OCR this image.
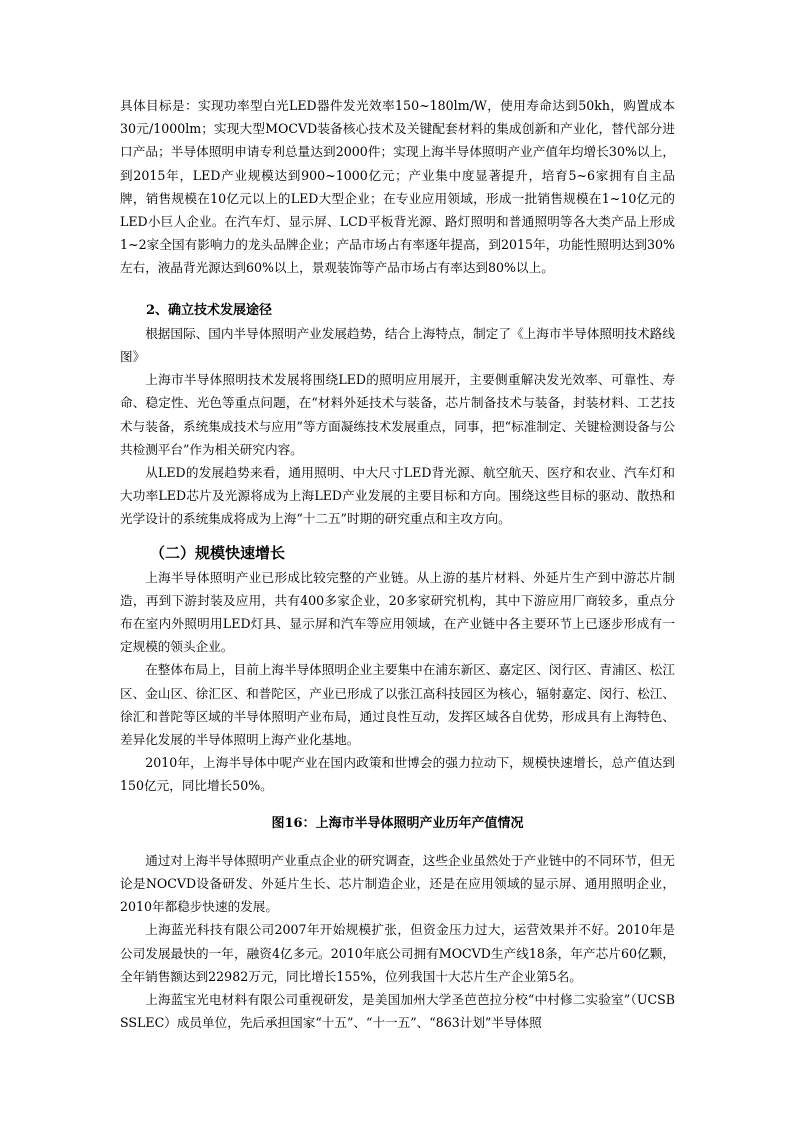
具体目标是：实现功率型白光LED器件发光效率150~180lm/W，使用寿命达到50kh，购置成本30元/1000lm；实现大型MOCVD装备核心技术及关键配套材料的集成创新和产业化，替代部分进口产品；半导体照明申请专利总量达到2000件；实现上海半导体照明产业产值年均增长30%以上，到2015年，LED产业规模达到900~1000亿元；产业集中度显著提升，培育5~6家拥有自主品牌，销售规模在10亿元以上的LED大型企业；在专业应用领域，形成一批销售规模在1~10亿元的LED小巨人企业。在汽车灯、显示屏、LCD平板背光源、路灯照明和普通照明等各大类产品上形成1~2家全国有影响力的龙头品牌企业；产品市场占有率逐年提高，到2015年，功能性照明达到30%左右，液晶背光源达到60%以上，景观装饰等产品市场占有率达到80%以上。

2、确立技术发展途径

根据国际、国内半导体照明产业发展趋势，结合上海特点，制定了《上海市半导体照明技术路线图》

上海市半导体照明技术发展将围绕LED的照明应用展开，主要侧重解决发光效率、可靠性、寿命、稳定性、光色等重点问题，在“材料外延技术与装备，芯片制备技术与装备，封装材料、工艺技术与装备，系统集成技术与应用”等方面凝练技术发展重点，同事，把“标准制定、关键检测设备与公共检测平台”作为相关研究内容。

从LED的发展趋势来看，通用照明、中大尺寸LED背光源、航空航天、医疗和农业、汽车灯和大功率LED芯片及光源将成为上海LED产业发展的主要目标和方向。围绕这些目标的驱动、散热和光学设计的系统集成将成为上海“十二五”时期的研究重点和主攻方向。

（二）规模快速增长

上海半导体照明产业已形成比较完整的产业链。从上游的基片材料、外延片生产到中游芯片制造，再到下游封装及应用，共有400多家企业，20多家研究机构，其中下游应用厂商较多，重点分布在室内外照明用LED灯具、显示屏和汽车等应用领域，在产业链中各主要环节上已逐步形成有一定规模的领头企业。

在整体布局上，目前上海半导体照明企业主要集中在浦东新区、嘉定区、闵行区、青浦区、松江区、金山区、徐汇区、和普陀区，产业已形成了以张江高科技园区为核心，辐射嘉定、闵行、松江、徐汇和普陀等区域的半导体照明产业布局，通过良性互动，发挥区域各自优势，形成具有上海特色、差异化发展的半导体照明上海产业化基地。

2010年，上海半导体中呢产业在国内政策和世博会的强力拉动下，规模快速增长，总产值达到150亿元，同比增长50%。

图16：上海市半导体照明产业历年产值情况

通过对上海半导体照明产业重点企业的研究调查，这些企业虽然处于产业链中的不同环节，但无论是NOCVD设备研发、外延片生长、芯片制造企业，还是在应用领域的显示屏、通用照明企业，2010年都稳步快速的发展。

上海蓝光科技有限公司2007年开始规模扩张，但资金压力过大，运营效果并不好。2010年是公司发展最快的一年，融资4亿多元。2010年底公司拥有MOCVD生产线18条，年产芯片60亿颗，全年销售额达到22982万元，同比增长155%，位列我国十大芯片生产企业第5名。

上海蓝宝光电材料有限公司重视研发，是美国加州大学圣芭芭拉分校“中村修二实验室”（UCSB SSLEC）成员单位，先后承担国家“十五”、“十一五”、“863计划”半导体照
